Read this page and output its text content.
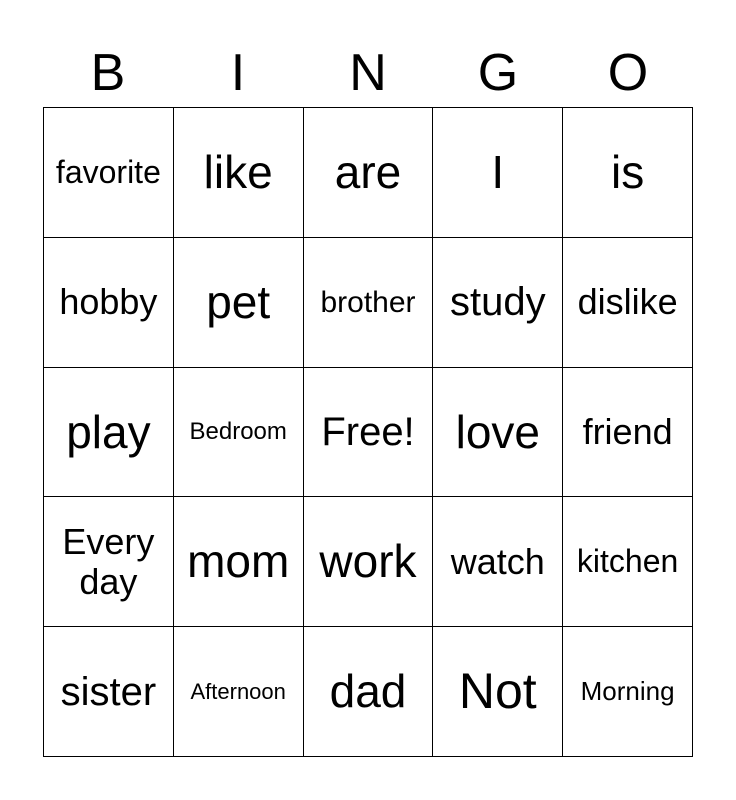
B	I	N	G	O
favorite like are I is
hobby pet brother study dislike
play Bedroom Free! love friend
Every day	mom work watch kitchen
sister Afternoon dad Not Morning
